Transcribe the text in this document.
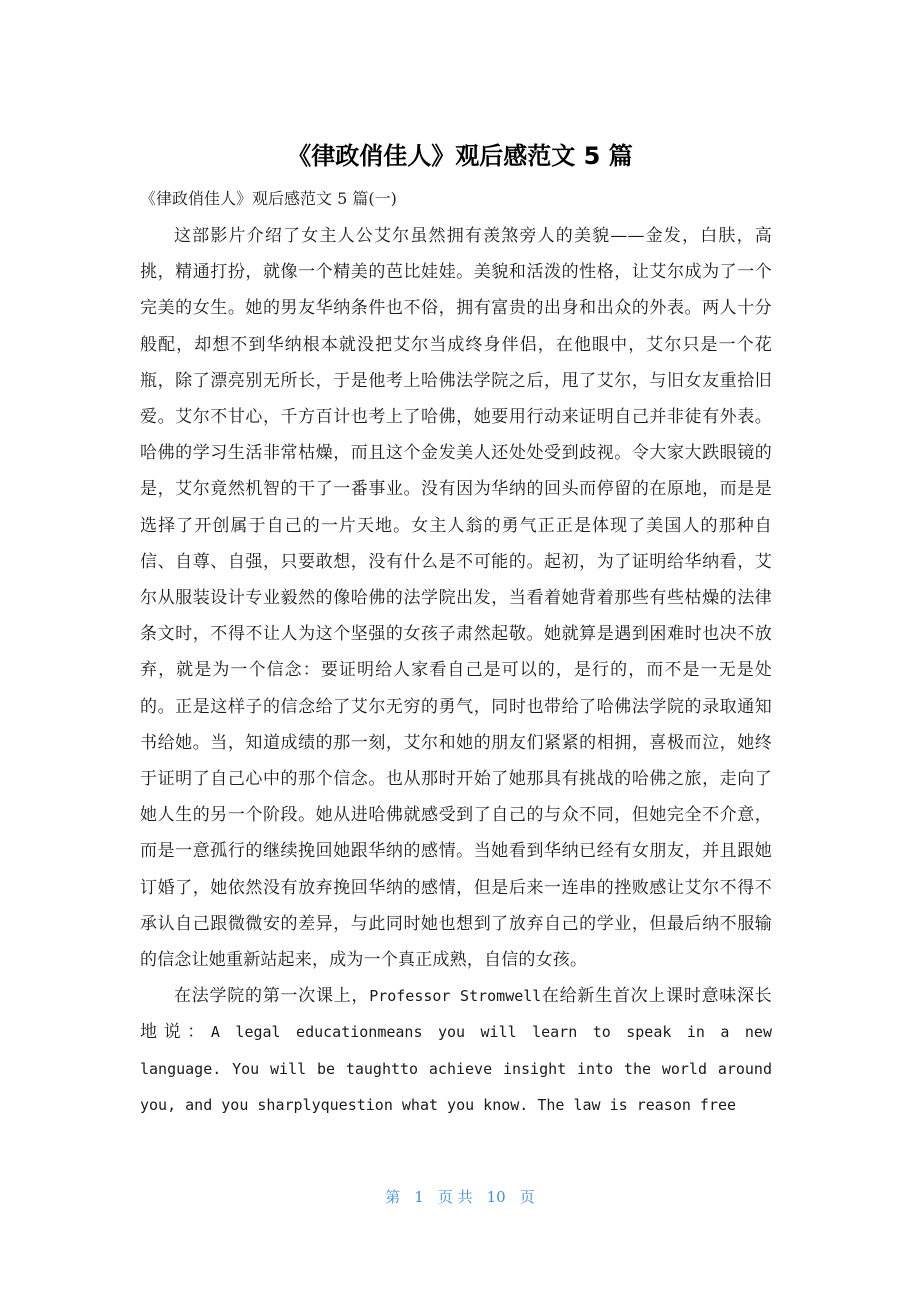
《律政俏佳人》观后感范文 5 篇
《律政俏佳人》观后感范文 5 篇(一)

这部影片介绍了女主人公艾尔虽然拥有羡煞旁人的美貌——金发，白肤，高挑，精通打扮，就像一个精美的芭比娃娃。美貌和活泼的性格，让艾尔成为了一个完美的女生。她的男友华纳条件也不俗，拥有富贵的出身和出众的外表。两人十分般配，却想不到华纳根本就没把艾尔当成终身伴侣，在他眼中，艾尔只是一个花瓶，除了漂亮别无所长，于是他考上哈佛法学院之后，甩了艾尔，与旧女友重拾旧爱。艾尔不甘心，千方百计也考上了哈佛，她要用行动来证明自己并非徒有外表。哈佛的学习生活非常枯燥，而且这个金发美人还处处受到歧视。令大家大跌眼镜的是，艾尔竟然机智的干了一番事业。没有因为华纳的回头而停留的在原地，而是是选择了开创属于自己的一片天地。女主人翁的勇气正正是体现了美国人的那种自信、自尊、自强，只要敢想，没有什么是不可能的。起初，为了证明给华纳看，艾尔从服装设计专业毅然的像哈佛的法学院出发，当看着她背着那些有些枯燥的法律条文时，不得不让人为这个坚强的女孩子肃然起敬。她就算是遇到困难时也决不放弃，就是为一个信念：要证明给人家看自己是可以的，是行的，而不是一无是处的。正是这样子的信念给了艾尔无穷的勇气，同时也带给了哈佛法学院的录取通知书给她。当，知道成绩的那一刻，艾尔和她的朋友们紧紧的相拥，喜极而泣，她终于证明了自己心中的那个信念。也从那时开始了她那具有挑战的哈佛之旅，走向了她人生的另一个阶段。她从进哈佛就感受到了自己的与众不同，但她完全不介意，而是一意孤行的继续挽回她跟华纳的感情。当她看到华纳已经有女朋友，并且跟她订婚了，她依然没有放弃挽回华纳的感情，但是后来一连串的挫败感让艾尔不得不承认自己跟微微安的差异，与此同时她也想到了放弃自己的学业，但最后纳不服输的信念让她重新站起来，成为一个真正成熟，自信的女孩。

在法学院的第一次课上，Professor Stromwell在给新生首次上课时意味深长地说：A legal educationmeans you will learn to speak in a new language. You will be taughtto achieve insight into the world around you, and you sharplyquestion what you know. The law is reason free

第 1 页 共 10 页
